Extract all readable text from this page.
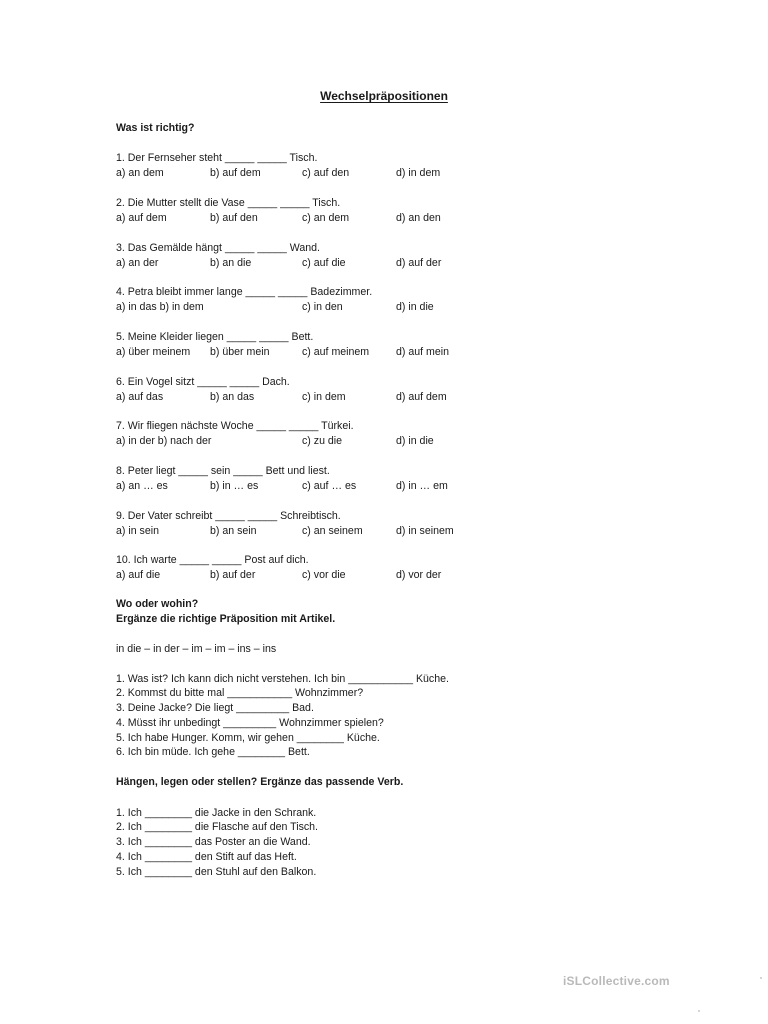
Wechselpräpositionen
Was ist richtig?
1. Der Fernseher steht _____ _____ Tisch.
a) an dem	b) auf dem	c) auf den	d) in dem
2. Die Mutter stellt die Vase _____ _____ Tisch.
a) auf dem	b) auf den	c) an dem	d) an den
3. Das Gemälde hängt _____ _____ Wand.
a) an der	b) an die	c) auf die	d) auf der
4. Petra bleibt immer lange _____ _____ Badezimmer.
a) in das b) in dem	c) in den	d) in die
5. Meine Kleider liegen _____ _____ Bett.
a) über meinem b) über mein	c) auf meinem	d) auf mein
6. Ein Vogel sitzt _____ _____ Dach.
a) auf das	b) an das	c) in dem	d) auf dem
7. Wir fliegen nächste Woche _____ _____ Türkei.
a) in der b) nach der	c) zu die	d) in die
8. Peter liegt _____ sein _____ Bett und liest.
a) an … es	b) in … es	c) auf … es	d) in … em
9. Der Vater schreibt _____ _____ Schreibtisch.
a) in sein	b) an sein	c) an seinem	d) in seinem
10. Ich warte _____ _____ Post auf dich.
a) auf die	b) auf der	c) vor die	d) vor der
Wo oder wohin?
Ergänze die richtige Präposition mit Artikel.
in die – in der – im – im – ins – ins
1. Was ist? Ich kann dich nicht verstehen. Ich bin ___________ Küche.
2. Kommst du bitte mal ___________ Wohnzimmer?
3. Deine Jacke? Die liegt _________ Bad.
4. Müsst ihr unbedingt _________ Wohnzimmer spielen?
5. Ich habe Hunger. Komm, wir gehen ________ Küche.
6. Ich bin müde. Ich gehe ________ Bett.
Hängen, legen oder stellen? Ergänze das passende Verb.
1. Ich ________ die Jacke in den Schrank.
2. Ich ________ die Flasche auf den Tisch.
3. Ich ________ das Poster an die Wand.
4. Ich ________ den Stift auf das Heft.
5. Ich ________ den Stuhl auf den Balkon.
iSLCollective.com
